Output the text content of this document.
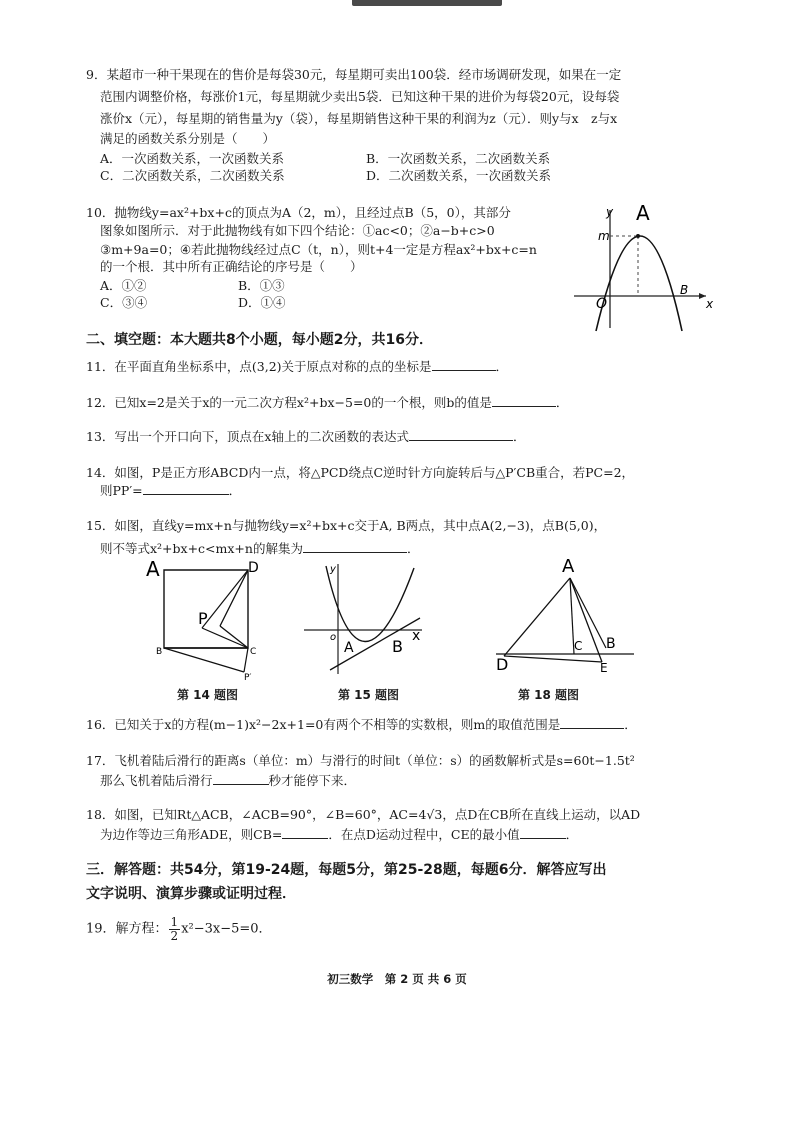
9．某超市一种干果现在的售价是每袋30元，每星期可卖出100袋．经市场调研发现，如果在一定
范围内调整价格，每涨价1元，每星期就少卖出5袋．已知这种干果的进价为每袋20元，设每袋
涨价x（元），每星期的销售量为y（袋），每星期销售这种干果的利润为z（元）．则y与x　z与x
满足的函数关系分别是（　　）
A．一次函数关系，一次函数关系	B．一次函数关系，二次函数关系
C．二次函数关系，二次函数关系	D．二次函数关系，一次函数关系
10．抛物线y=ax²+bx+c的顶点为A（2，m），且经过点B（5，0），其部分
图象如图所示．对于此抛物线有如下四个结论：①ac<0；②a−b+c>0
③m+9a=0；④若此抛物线经过点C（t，n），则t+4一定是方程ax²+bx+c=n
的一个根．其中所有正确结论的序号是（　　）
A．①②	B．①③
C．③④	D．①④
y
x
A
m
O
B
二、填空题：本大题共8个小题，每小题2分，共16分．
11．在平面直角坐标系中，点(3,2)关于原点对称的点的坐标是	．
12．已知x=2是关于x的一元二次方程x²+bx−5=0的一个根，则b的值是	．
13．写出一个开口向下，顶点在x轴上的二次函数的表达式	．
14．如图，P是正方形ABCD内一点，将△PCD绕点C逆时针方向旋转后与△P′CB重合，若PC=2，
则PP′=	．
15．如图，直线y=mx+n与抛物线y=x²+bx+c交于A, B两点，其中点A(2,−3)，点B(5,0)，
则不等式x²+bx+c<mx+n的解集为	．
A	D
B	C
P
P′
第 14 题图
y
x
o
A B
第 15 题图
A
D
C B
E
第 18 题图
16．已知关于x的方程(m−1)x²−2x+1=0有两个不相等的实数根，则m的取值范围是	．
17．飞机着陆后滑行的距离s（单位：m）与滑行的时间t（单位：s）的函数解析式是s=60t−1.5t²
那么飞机着陆后滑行	秒才能停下来．
18．如图，已知Rt△ACB，∠ACB=90°，∠B=60°，AC=4√3，点D在CB所在直线上运动，以AD
为边作等边三角形ADE，则CB=	．在点D运动过程中，CE的最小值	．
三．解答题：共54分，第19-24题，每题5分，第25-28题，每题6分．解答应写出
文字说明、演算步骤或证明过程．
19．解方程： $\frac{1}{2} x^2-3x-5=0$．
初三数学　第 2 页 共 6 页
